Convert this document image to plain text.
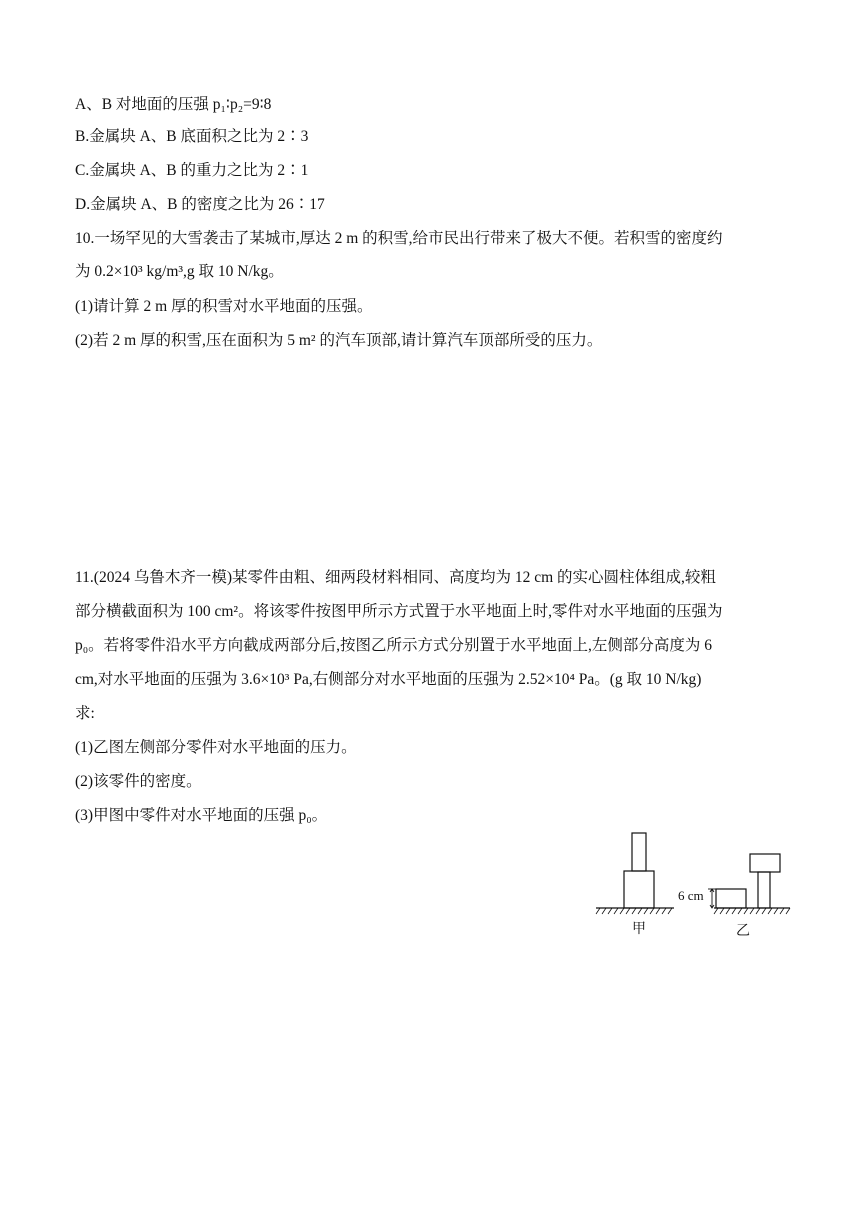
A、B 对地面的压强 p₁∶p₂=9∶8
B.金属块 A、B 底面积之比为 2∶3
C.金属块 A、B 的重力之比为 2∶1
D.金属块 A、B 的密度之比为 26∶17
10.一场罕见的大雪袭击了某城市,厚达 2 m 的积雪,给市民出行带来了极大不便。若积雪的密度约
为 0.2×10³ kg/m³,g 取 10 N/kg。
(1)请计算 2 m 厚的积雪对水平地面的压强。
(2)若 2 m 厚的积雪,压在面积为 5 m² 的汽车顶部,请计算汽车顶部所受的压力。
11.(2024 乌鲁木齐一模)某零件由粗、细两段材料相同、高度均为 12 cm 的实心圆柱体组成,较粗
部分横截面积为 100 cm²。将该零件按图甲所示方式置于水平地面上时,零件对水平地面的压强为
p₀。若将零件沿水平方向截成两部分后,按图乙所示方式分别置于水平地面上,左侧部分高度为 6
cm,对水平地面的压强为 3.6×10³ Pa,右侧部分对水平地面的压强为 2.52×10⁴ Pa。(g 取 10 N/kg)
求:
(1)乙图左侧部分零件对水平地面的压力。
(2)该零件的密度。
(3)甲图中零件对水平地面的压强 p₀。
6 cm
甲	乙
